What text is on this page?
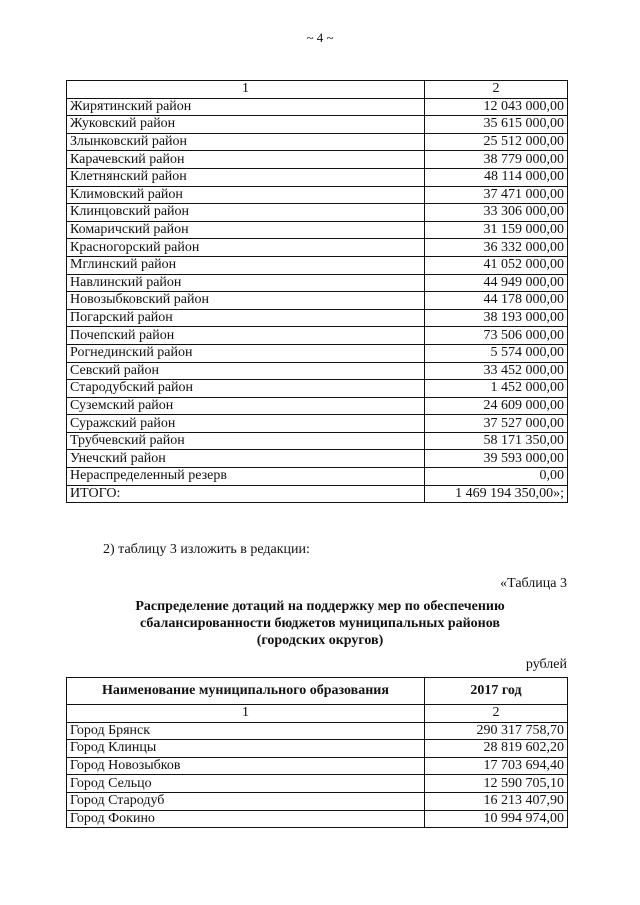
~ 4 ~
1	2
Жирятинский район	12 043 000,00
Жуковский район	35 615 000,00
Злынковский район	25 512 000,00
Карачевский район	38 779 000,00
Клетнянский район	48 114 000,00
Климовский район	37 471 000,00
Клинцовский район	33 306 000,00
Комаричский район	31 159 000,00
Красногорский район	36 332 000,00
Мглинский район	41 052 000,00
Навлинский район	44 949 000,00
Новозыбковский район	44 178 000,00
Погарский район	38 193 000,00
Почепский район	73 506 000,00
Рогнединский район	5 574 000,00
Севский район	33 452 000,00
Стародубский район	1 452 000,00
Суземский район	24 609 000,00
Суражский район	37 527 000,00
Трубчевский район	58 171 350,00
Унечский район	39 593 000,00
Нераспределенный резерв	0,00
ИТОГО:	1 469 194 350,00»;
2) таблицу 3 изложить в редакции:
«Таблица 3
Распределение дотаций на поддержку мер по обеспечению
сбалансированности бюджетов муниципальных районов
(городских округов)
рублей
Наименование муниципального образования	2017 год
1	2
Город Брянск	290 317 758,70
Город Клинцы	28 819 602,20
Город Новозыбков	17 703 694,40
Город Сельцо	12 590 705,10
Город Стародуб	16 213 407,90
Город Фокино	10 994 974,00
